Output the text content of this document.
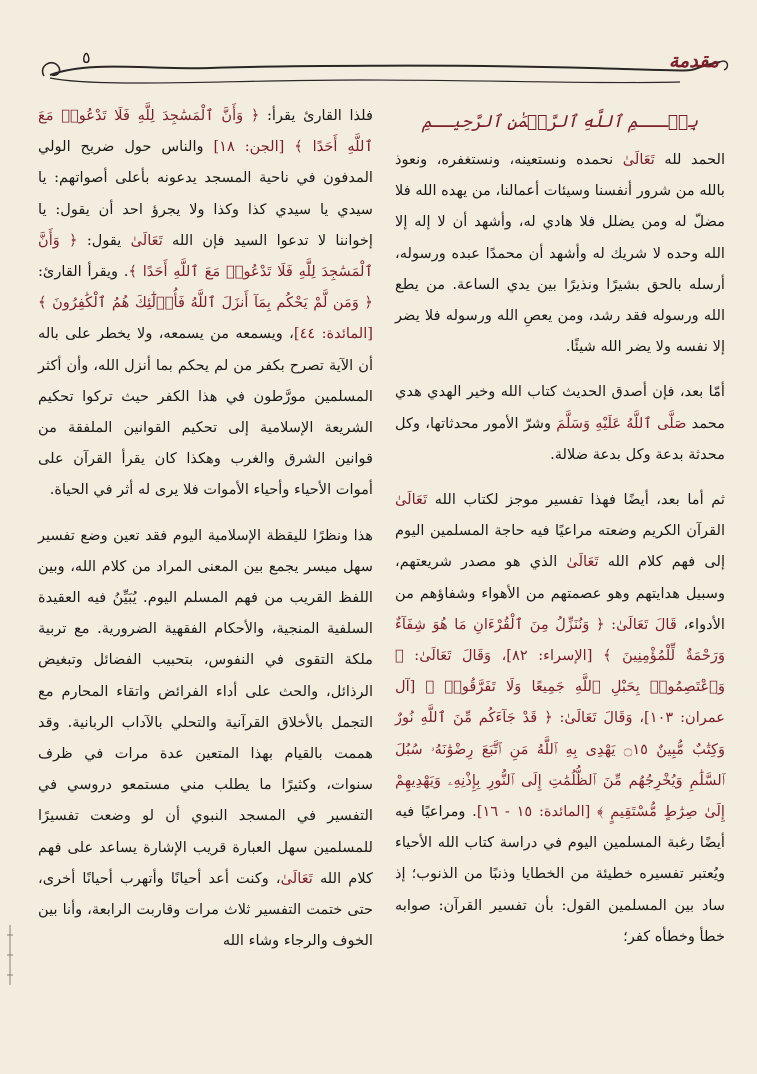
٥	مقدمة
بِسۡـــمِ ٱللَّهِ ٱلرَّحۡمَٰنِ ٱلرَّحِيــمِ

الحمد لله تَعَالَىٰ نحمده ونستعينه، ونستغفره، ونعوذ بالله من شرور أنفسنا وسيئات أعمالنا، من يهده الله فلا مضلّ له ومن يضلل فلا هادي له، وأشهد أن لا إله إلا الله وحده لا شريك له وأشهد أن محمدًا عبده ورسوله، أرسله بالحق بشيرًا ونذيرًا بين يدي الساعة. من يطع الله ورسوله فقد رشد، ومن يعصِ الله ورسوله فلا يضر إلا نفسه ولا يضر الله شيئًا.

أمّا بعد، فإن أصدق الحديث كتاب الله وخير الهدي هدي محمد صَلَّى ٱللَّهُ عَلَيْهِ وَسَلَّمَ وشرّ الأمور محدثاتها، وكل محدثة بدعة وكل بدعة ضلالة.

ثم أما بعد، أيضًا فهذا تفسير موجز لكتاب الله تَعَالَىٰ القرآن الكريم وضعته مراعيًا فيه حاجة المسلمين اليوم إلى فهم كلام الله تَعَالَىٰ الذي هو مصدر شريعتهم، وسبيل هدايتهم وهو عصمتهم من الأهواء وشفاؤهم من الأدواء، قَالَ تَعَالَىٰ: ﴿ وَنُنَزِّلُ مِنَ ٱلْقُرْءَانِ مَا هُوَ شِفَآءٌ وَرَحْمَةٌ لِّلْمُؤْمِنِينَ ﴾ [الإسراء: ٨٢]، وَقَالَ تَعَالَىٰ: ﴿ وَٱعْتَصِمُوا۟ بِحَبْلِ ٱللَّهِ جَمِيعًا وَلَا تَفَرَّقُوا۟ ﴾ [آل عمران: ١٠٣]، وَقَالَ تَعَالَىٰ: ﴿ قَدْ جَآءَكُم مِّنَ ٱللَّهِ نُورٌ وَكِتَٰبٌ مُّبِينٌ ۝١٥ يَهْدِى بِهِ ٱللَّهُ مَنِ ٱتَّبَعَ رِضْوَٰنَهُۥ سُبُلَ ٱلسَّلَٰمِ وَيُخْرِجُهُم مِّنَ ٱلظُّلُمَٰتِ إِلَى ٱلنُّورِ بِإِذْنِهِۦ وَيَهْدِيهِمْ إِلَىٰ صِرَٰطٍ مُّسْتَقِيمٍ ﴾ [المائدة: ١٥ - ١٦]. ومراعيًا فيه أيضًا رغبة المسلمين اليوم في دراسة كتاب الله الأحياء ويُعتبر تفسيره خطيئة من الخطايا وذنبًا من الذنوب؛ إذ ساد بين المسلمين القول: بأن تفسير القرآن: صوابه خطأ وخطأه كفر؛

فلذا القارئ يقرأ: ﴿ وَأَنَّ ٱلْمَسَٰجِدَ لِلَّهِ فَلَا تَدْعُوا۟ مَعَ ٱللَّهِ أَحَدًا ﴾ [الجن: ١٨] والناس حول ضريح الولي المدفون في ناحية المسجد يدعونه بأعلى أصواتهم: يا سيدي يا سيدي كذا وكذا ولا يجرؤ احد أن يقول: يا إخواننا لا تدعوا السيد فإن الله تَعَالَىٰ يقول: ﴿ وَأَنَّ ٱلْمَسَٰجِدَ لِلَّهِ فَلَا تَدْعُوا۟ مَعَ ٱللَّهِ أَحَدًا ﴾. ويقرأ القارئ: ﴿ وَمَن لَّمْ يَحْكُم بِمَآ أَنزَلَ ٱللَّهُ فَأُو۟لَٰٓئِكَ هُمُ ٱلْكَٰفِرُونَ ﴾ [المائدة: ٤٤]، ويسمعه من يسمعه، ولا يخطر على باله أن الآية تصرح بكفر من لم يحكم بما أنزل الله، وأن أكثر المسلمين مورَّطون في هذا الكفر حيث تركوا تحكيم الشريعة الإسلامية إلى تحكيم القوانين الملفقة من قوانين الشرق والغرب وهكذا كان يقرأ القرآن على أموات الأحياء وأحياء الأموات فلا يرى له أثر في الحياة.

هذا ونظرًا لليقظة الإسلامية اليوم فقد تعين وضع تفسير سهل ميسر يجمع بين المعنى المراد من كلام الله، وبين اللفظ القريب من فهم المسلم اليوم. يُبَيِّنُ فيه العقيدة السلفية المنجية، والأحكام الفقهية الضرورية. مع تربية ملكة التقوى في النفوس، بتحبيب الفضائل وتبغيض الرذائل، والحث على أداء الفرائض واتقاء المحارم مع التجمل بالأخلاق القرآنية والتحلي بالآداب الربانية. وقد هممت بالقيام بهذا المتعين عدة مرات في ظرف سنوات، وكثيرًا ما يطلب مني مستمعو دروسي في التفسير في المسجد النبوي أن لو وضعت تفسيرًا للمسلمين سهل العبارة قريب الإشارة يساعد على فهم كلام الله تَعَالَىٰ، وكنت أعد أحيانًا وأتهرب أحيانًا أخرى، حتى ختمت التفسير ثلاث مرات وقاربت الرابعة، وأنا بين الخوف والرجاء وشاء الله
